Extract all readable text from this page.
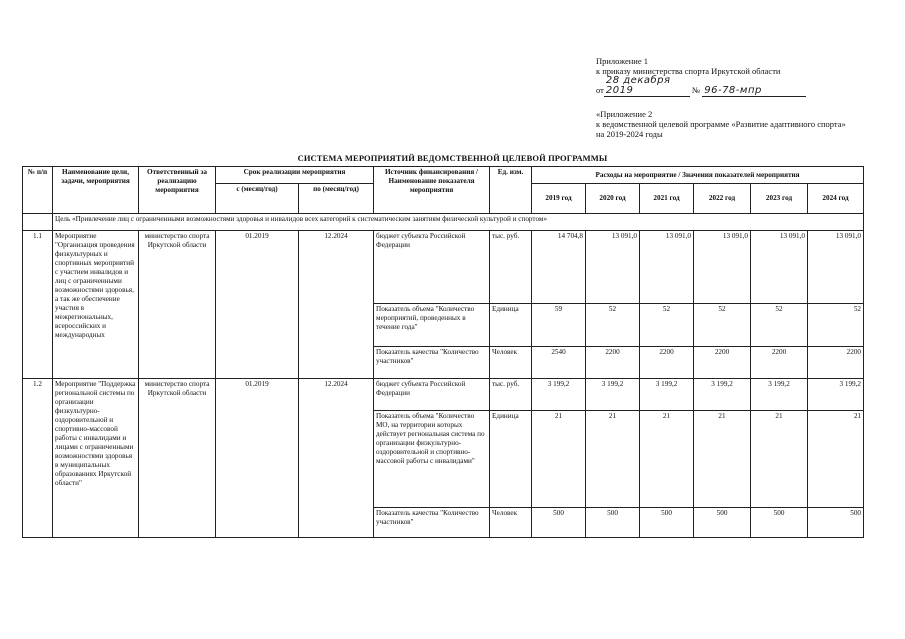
Приложение 1
к приказу министерства спорта Иркутской области
от28 декабря 2019	№ 96-78-мпр
«Приложение 2
к ведомственной целевой программе «Развитие адаптивного спорта»
на 2019-2024 годы
СИСТЕМА МЕРОПРИЯТИЙ ВЕДОМСТВЕННОЙ ЦЕЛЕВОЙ ПРОГРАММЫ
№ п/п	Наименование цели, задачи, мероприятия	Ответственный за реализацию мероприятия	Срок реализации мероприятия		Источник финансирования / Наименование показателя мероприятия	Ед. изм.	Расходы на мероприятие / Значения показателей мероприятия					
			с (месяц/год)	по (месяц/год)			2019 год	2020 год	2021 год	2022 год	2023 год	2024 год
	Цель «Привлечение лиц с ограниченными возможностями здоровья и инвалидов всех категорий к систематическим занятиям физической культурой и спортом»											
1.1	Мероприятие "Организация проведения физкультурных и спортивных мероприятий с участием инвалидов и лиц с ограниченными возможностями здоровья, а так же обеспечение участия в межрегиональных, всероссийских и международных	министерство спорта Иркутской области	01.2019	12.2024	бюджет субъекта Российской Федерации	тыс. руб.	14 704,8	13 091,0	13 091,0	13 091,0	13 091,0	13 091,0
					Показатель объема "Количество мероприятий, проведенных в течение года"	Единица	59	52	52	52	52	52
					Показатель качества "Количество участников"	Человек	2540	2200	2200	2200	2200	2200
1.2	Мероприятие "Поддержка региональной системы по организации физкультурно-оздоровительной и спортивно-массовой работы с инвалидами и лицами с ограниченными возможностями здоровья в муниципальных образованиях Иркутской области"	министерство спорта Иркутской области	01.2019	12.2024	бюджет субъекта Российской Федерации	тыс. руб.	3 199,2	3 199,2	3 199,2	3 199,2	3 199,2	3 199,2
					Показатель объема "Количество МО, на территории которых действует региональная система по организации физкультурно-оздоровительной и спортивно-массовой работы с инвалидами"	Единица	21	21	21	21	21	21
					Показатель качества "Количество участников"	Человек	500	500	500	500	500	500
